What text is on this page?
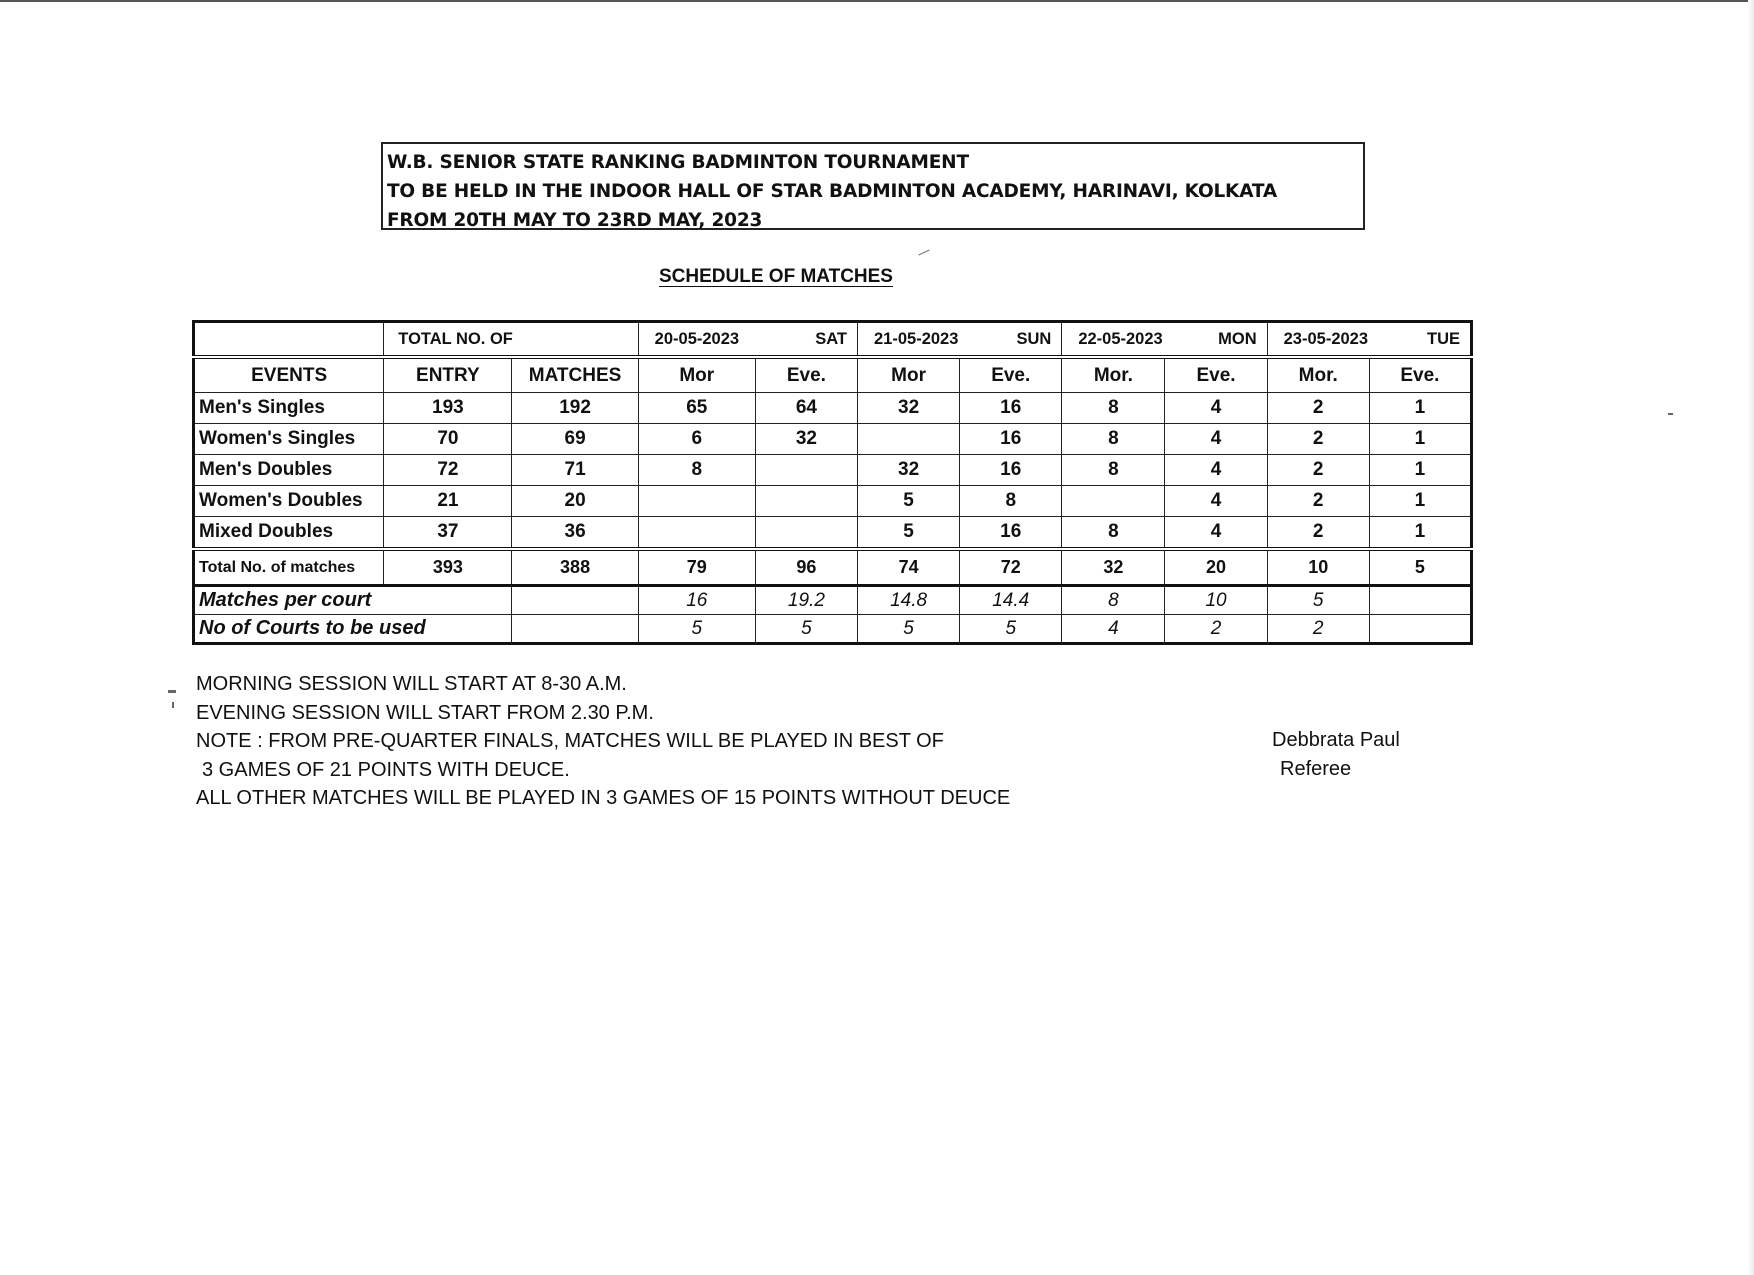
W.B. SENIOR STATE RANKING BADMINTON TOURNAMENT
TO BE HELD IN THE INDOOR HALL OF STAR BADMINTON ACADEMY, HARINAVI, KOLKATA
FROM 20TH MAY TO 23RD MAY, 2023
SCHEDULE OF MATCHES
	TOTAL NO. OF		20-05-2023 SAT		21-05-2023 SUN		22-05-2023 MON		23-05-2023 TUE	

EVENTS	ENTRY	MATCHES	Mor	Eve.	Mor	Eve.	Mor.	Eve.	Mor.	Eve.
Men's Singles	193	192	65	64	32	16	8	4	2	1
Women's Singles	70	69	6	32		16	8	4	2	1
Men's Doubles	72	71	8		32	16	8	4	2	1
Women's Doubles	21	20			5	8		4	2	1
Mixed Doubles	37	36			5	16	8	4	2	1
Total No. of matches	393	388	79	96	74	72	32	20	10	5
Matches per court			16	19.2	14.8	14.4	8	10	5	
No of Courts to be used			5	5	5	5	4	2	2	
MORNING SESSION WILL START AT 8-30 A.M.
EVENING SESSION WILL START FROM 2.30 P.M.
NOTE : FROM PRE-QUARTER FINALS, MATCHES WILL BE PLAYED IN BEST OF
3 GAMES OF 21 POINTS WITH DEUCE.
ALL OTHER MATCHES WILL BE PLAYED IN 3 GAMES OF 15 POINTS WITHOUT DEUCE
Debbrata Paul
Referee
